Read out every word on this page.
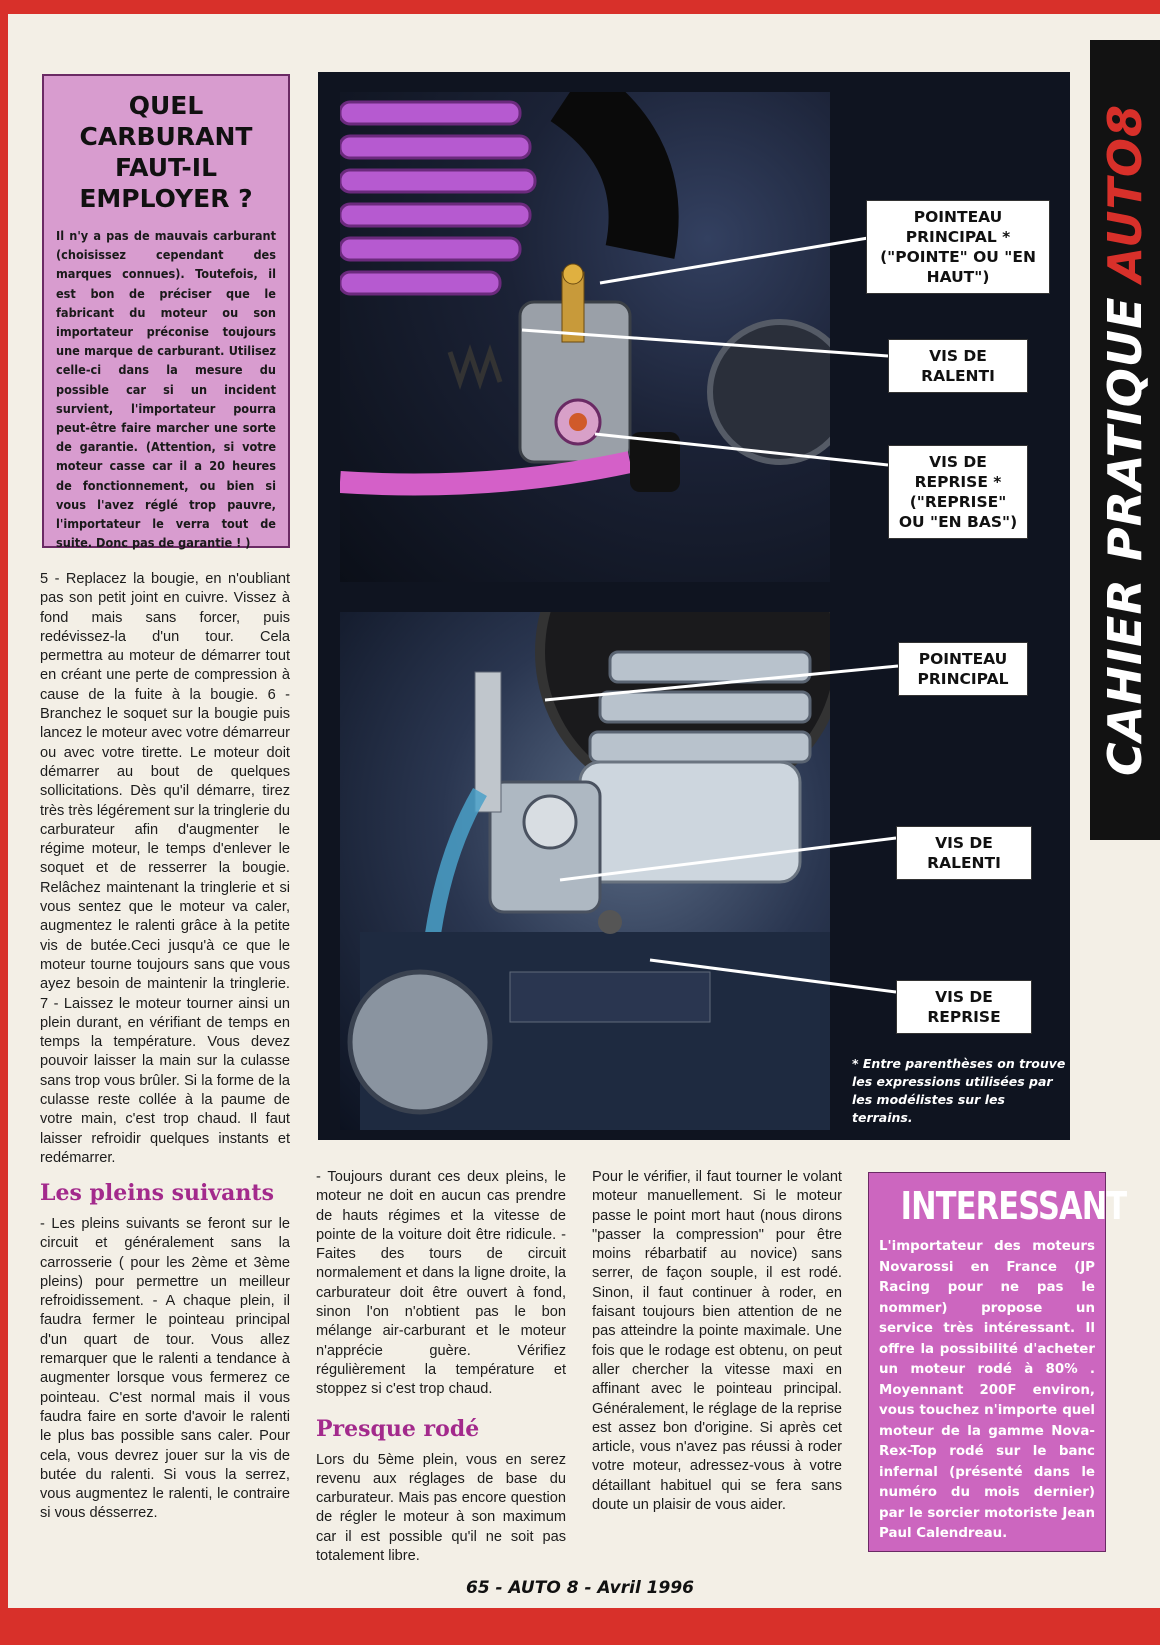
CAHIER PRATIQUE
AUTO8
QUEL CARBURANT FAUT-IL EMPLOYER ?
Il n'y a pas de mauvais carburant (choisissez cependant des marques connues). Toutefois, il est bon de préciser que le fabricant du moteur ou son importateur préconise toujours une marque de carburant. Utilisez celle-ci dans la mesure du possible car si un incident survient, l'importateur pourra peut-être faire marcher une sorte de garantie. (Attention, si votre moteur casse car il a 20 heures de fonctionnement, ou bien si vous l'avez réglé trop pauvre, l'importateur le verra tout de suite. Donc pas de garantie ! )
POINTEAU PRINCIPAL *("POINTE" OU "EN HAUT")
VIS DE RALENTI
VIS DE REPRISE *("REPRISE" OU "EN BAS")
POINTEAU PRINCIPAL
VIS DE RALENTI
VIS DE REPRISE
* Entre parenthèses on trouve les expressions utilisées par les modélistes sur les terrains.

5 - Replacez la bougie, en n'oubliant pas son petit joint en cuivre. Vissez à fond mais sans forcer, puis redévissez-la d'un tour. Cela permettra au moteur de démarrer tout en créant une perte de compression à cause de la fuite à la bougie. 6 - Branchez le soquet sur la bougie puis lancez le moteur avec votre démarreur ou avec votre tirette. Le moteur doit démarrer au bout de quelques sollicitations. Dès qu'il démarre, tirez très très légérement sur la tringlerie du carburateur afin d'augmenter le régime moteur, le temps d'enlever le soquet et de resserrer la bougie. Relâchez maintenant la tringlerie et si vous sentez que le moteur va caler, augmentez le ralenti grâce à la petite vis de butée.Ceci jusqu'à ce que le moteur tourne toujours sans que vous ayez besoin de maintenir la tringlerie. 7 - Laissez le moteur tourner ainsi un plein durant, en vérifiant de temps en temps la température. Vous devez pouvoir laisser la main sur la culasse sans trop vous brûler. Si la forme de la culasse reste collée à la paume de votre main, c'est trop chaud. Il faut laisser refroidir quelques instants et redémarrer.

Les pleins suivants

- Les pleins suivants se feront sur le circuit et généralement sans la carrosserie ( pour les 2ème et 3ème pleins) pour permettre un meilleur refroidissement. - A chaque plein, il faudra fermer le pointeau principal d'un quart de tour. Vous allez remarquer que le ralenti a tendance à augmenter lorsque vous fermerez ce pointeau. C'est normal mais il vous faudra faire en sorte d'avoir le ralenti le plus bas possible sans caler. Pour cela, vous devrez jouer sur la vis de butée du ralenti. Si vous la serrez, vous augmentez le ralenti, le contraire si vous désserrez.

- Toujours durant ces deux pleins, le moteur ne doit en aucun cas prendre de hauts régimes et la vitesse de pointe de la voiture doit être ridicule. - Faites des tours de circuit normalement et dans la ligne droite, la carburateur doit être ouvert à fond, sinon l'on n'obtient pas le bon mélange air-carburant et le moteur n'apprécie guère. Vérifiez régulièrement la température et stoppez si c'est trop chaud.

Presque rodé

Lors du 5ème plein, vous en serez revenu aux réglages de base du carburateur. Mais pas encore question de régler le moteur à son maximum car il est possible qu'il ne soit pas totalement libre.

Pour le vérifier, il faut tourner le volant moteur manuellement. Si le moteur passe le point mort haut (nous dirons "passer la compression" pour être moins rébarbatif au novice) sans serrer, de façon souple, il est rodé. Sinon, il faut continuer à roder, en faisant toujours bien attention de ne pas atteindre la pointe maximale. Une fois que le rodage est obtenu, on peut aller chercher la vitesse maxi en affinant avec le pointeau principal. Généralement, le réglage de la reprise est assez bon d'origine. Si après cet article, vous n'avez pas réussi à roder votre moteur, adressez-vous à votre détaillant habituel qui se fera sans doute un plaisir de vous aider.

INTERESSANT
L'importateur des moteurs Novarossi en France (JP Racing pour ne pas le nommer) propose un service très intéressant. Il offre la possibilité d'acheter un moteur rodé à 80% . Moyennant 200F environ, vous touchez n'importe quel moteur de la gamme Nova-Rex-Top rodé sur le banc infernal (présenté dans le numéro du mois dernier) par le sorcier motoriste Jean Paul Calendreau.
65 - AUTO 8 - Avril 1996
